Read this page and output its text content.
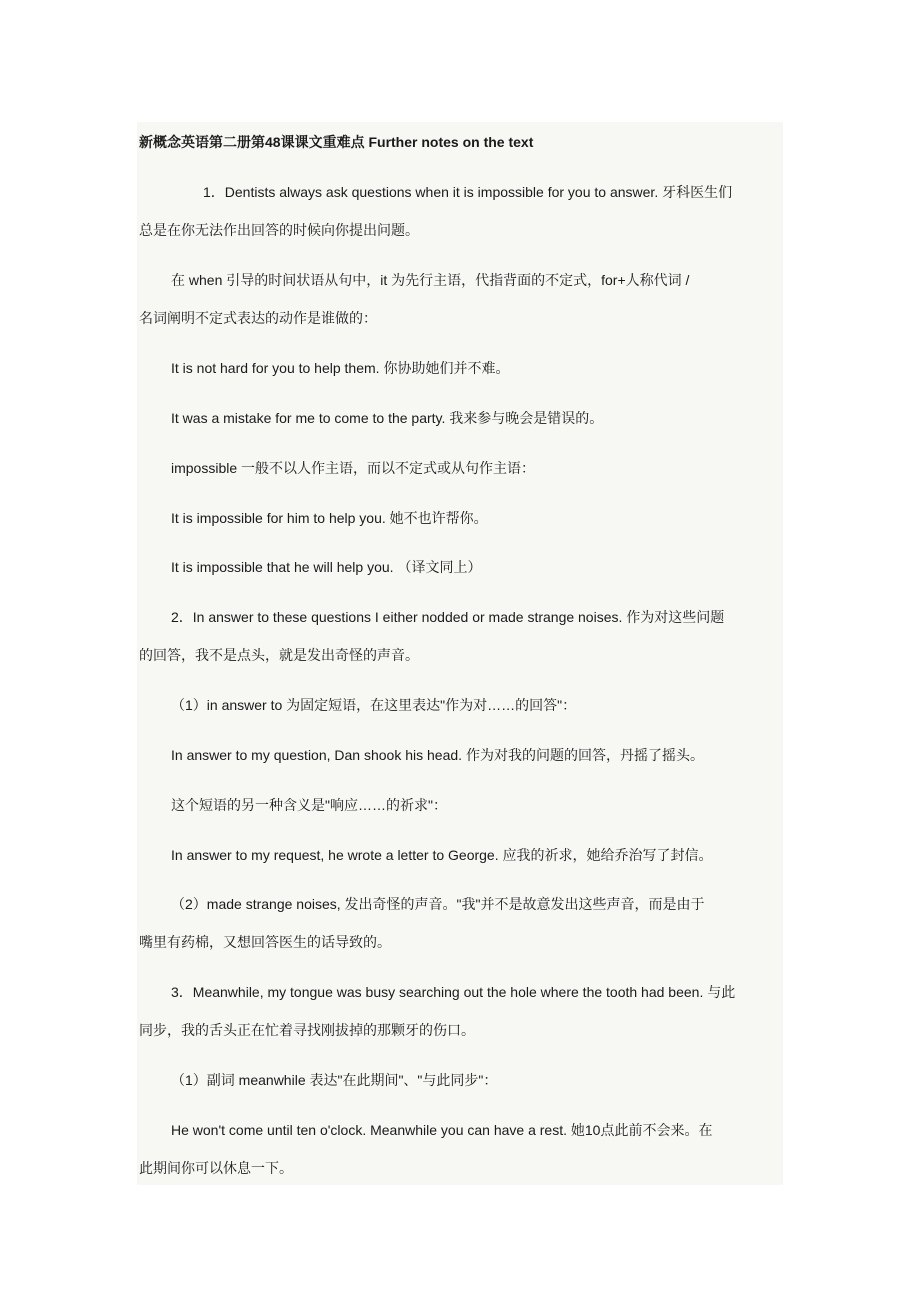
新概念英语第二册第48课课文重难点 Further notes on the text
1．Dentists always ask questions when it is impossible for you to answer. 牙科医生们
总是在你无法作出回答的时候向你提出问题。
在 when 引导的时间状语从句中，it 为先行主语，代指背面的不定式，for+人称代词 /
名词阐明不定式表达的动作是谁做的：
It is not hard for you to help them. 你协助她们并不难。
It was a mistake for me to come to the party. 我来参与晚会是错误的。
impossible 一般不以人作主语，而以不定式或从句作主语：
It is impossible for him to help you. 她不也许帮你。
It is impossible that he will help you. （译文同上）
2．In answer to these questions I either nodded or made strange noises. 作为对这些问题
的回答，我不是点头，就是发出奇怪的声音。
（1）in answer to 为固定短语，在这里表达"作为对……的回答"：
In answer to my question, Dan shook his head. 作为对我的问题的回答，丹摇了摇头。
这个短语的另一种含义是"响应……的祈求"：
In answer to my request, he wrote a letter to George. 应我的祈求，她给乔治写了封信。
（2）made strange noises, 发出奇怪的声音。"我"并不是故意发出这些声音，而是由于
嘴里有药棉，又想回答医生的话导致的。
3．Meanwhile, my tongue was busy searching out the hole where the tooth had been. 与此
同步，我的舌头正在忙着寻找刚拔掉的那颗牙的伤口。
（1）副词 meanwhile 表达"在此期间"、"与此同步"：
He won't come until ten o'clock. Meanwhile you can have a rest. 她10点此前不会来。在
此期间你可以休息一下。
